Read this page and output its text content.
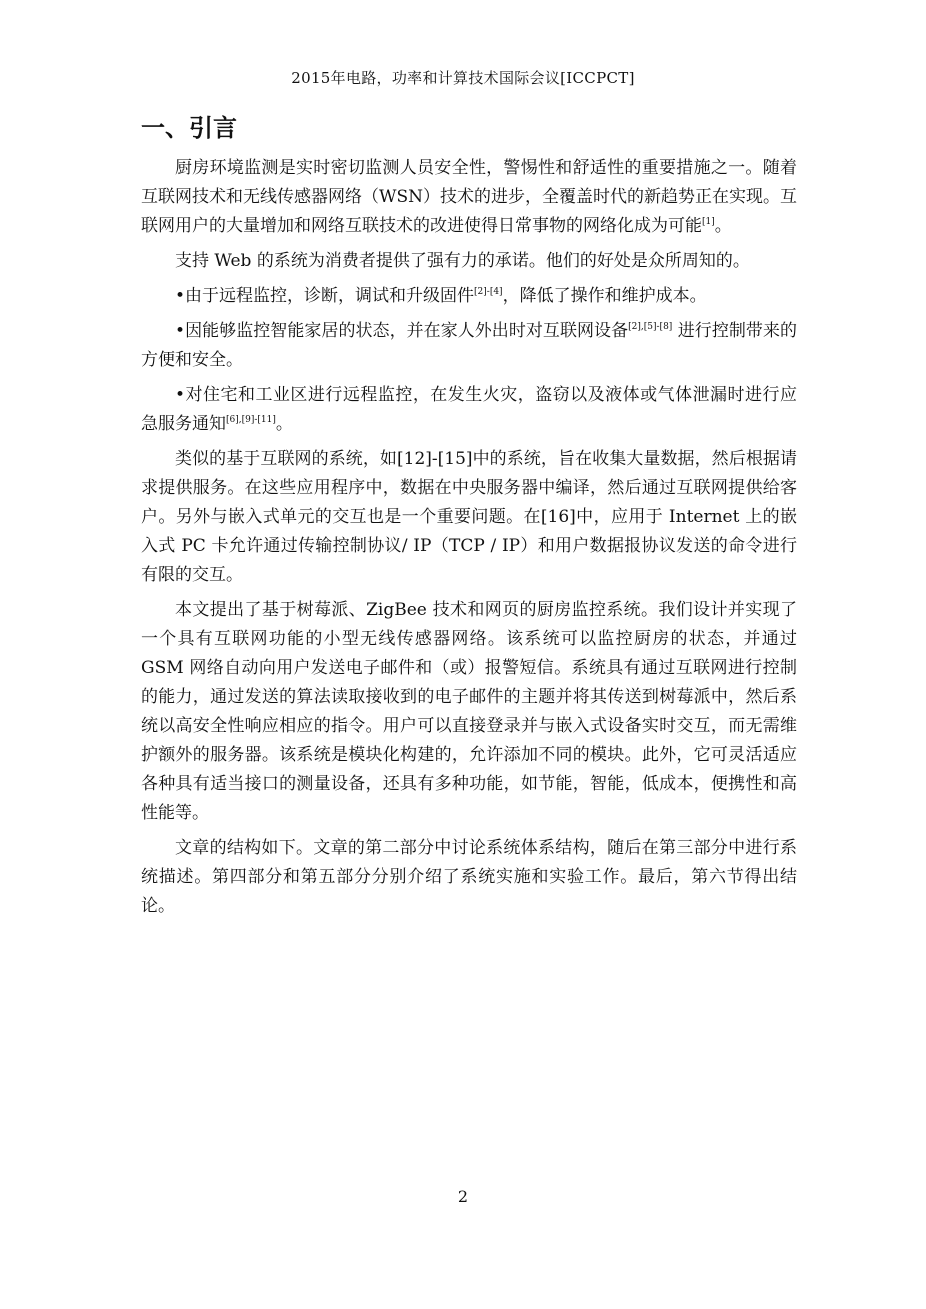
2015年电路，功率和计算技术国际会议[ICCPCT]
一、引言

厨房环境监测是实时密切监测人员安全性，警惕性和舒适性的重要措施之一。随着互联网技术和无线传感器网络（WSN）技术的进步，全覆盖时代的新趋势正在实现。互联网用户的大量增加和网络互联技术的改进使得日常事物的网络化成为可能[1]。

支持 Web 的系统为消费者提供了强有力的承诺。他们的好处是众所周知的。

•由于远程监控，诊断，调试和升级固件[2]-[4]，降低了操作和维护成本。

•因能够监控智能家居的状态，并在家人外出时对互联网设备[2],[5]-[8] 进行控制带来的方便和安全。

•对住宅和工业区进行远程监控，在发生火灾，盗窃以及液体或气体泄漏时进行应急服务通知[6],[9]-[11]。

类似的基于互联网的系统，如[12]-[15]中的系统，旨在收集大量数据，然后根据请求提供服务。在这些应用程序中，数据在中央服务器中编译，然后通过互联网提供给客户。另外与嵌入式单元的交互也是一个重要问题。在[16]中，应用于 Internet 上的嵌入式 PC 卡允许通过传输控制协议/ IP（TCP / IP）和用户数据报协议发送的命令进行有限的交互。

本文提出了基于树莓派、ZigBee 技术和网页的厨房监控系统。我们设计并实现了一个具有互联网功能的小型无线传感器网络。该系统可以监控厨房的状态，并通过 GSM 网络自动向用户发送电子邮件和（或）报警短信。系统具有通过互联网进行控制的能力，通过发送的算法读取接收到的电子邮件的主题并将其传送到树莓派中，然后系统以高安全性响应相应的指令。用户可以直接登录并与嵌入式设备实时交互，而无需维护额外的服务器。该系统是模块化构建的，允许添加不同的模块。此外，它可灵活适应各种具有适当接口的测量设备，还具有多种功能，如节能，智能，低成本，便携性和高性能等。

文章的结构如下。文章的第二部分中讨论系统体系结构，随后在第三部分中进行系统描述。第四部分和第五部分分别介绍了系统实施和实验工作。最后，第六节得出结论。

2
